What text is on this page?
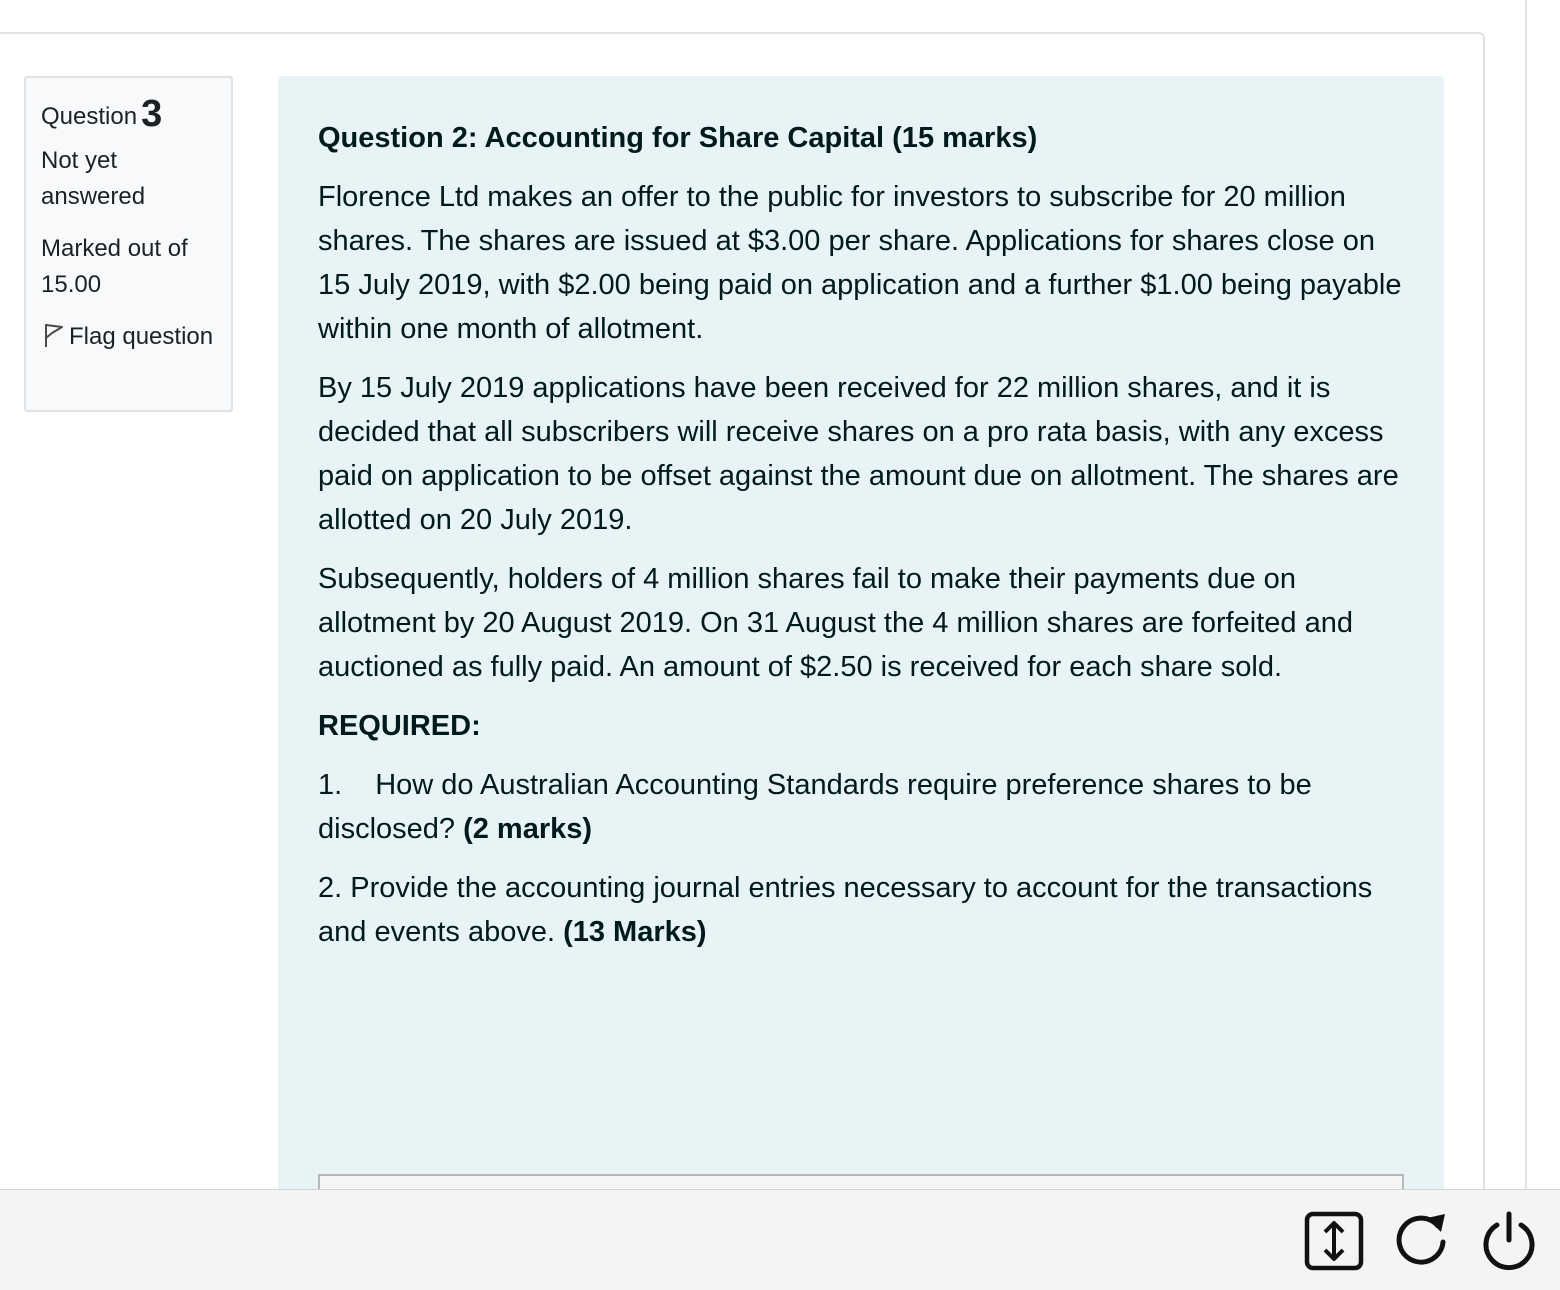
Question 3
Not yet answered
Marked out of 15.00
Flag question
Question 2: Accounting for Share Capital (15 marks)

Florence Ltd makes an offer to the public for investors to subscribe for 20 million shares. The shares are issued at $3.00 per share. Applications for shares close on 15 July 2019, with $2.00 being paid on application and a further $1.00 being payable within one month of allotment.

By 15 July 2019 applications have been received for 22 million shares, and it is decided that all subscribers will receive shares on a pro rata basis, with any excess paid on application to be offset against the amount due on allotment. The shares are allotted on 20 July 2019.

Subsequently, holders of 4 million shares fail to make their payments due on allotment by 20 August 2019. On 31 August the 4 million shares are forfeited and auctioned as fully paid. An amount of $2.50 is received for each share sold.

REQUIRED:

1. How do Australian Accounting Standards require preference shares to be disclosed? (2 marks)

2. Provide the accounting journal entries necessary to account for the transactions and events above. (13 Marks)
